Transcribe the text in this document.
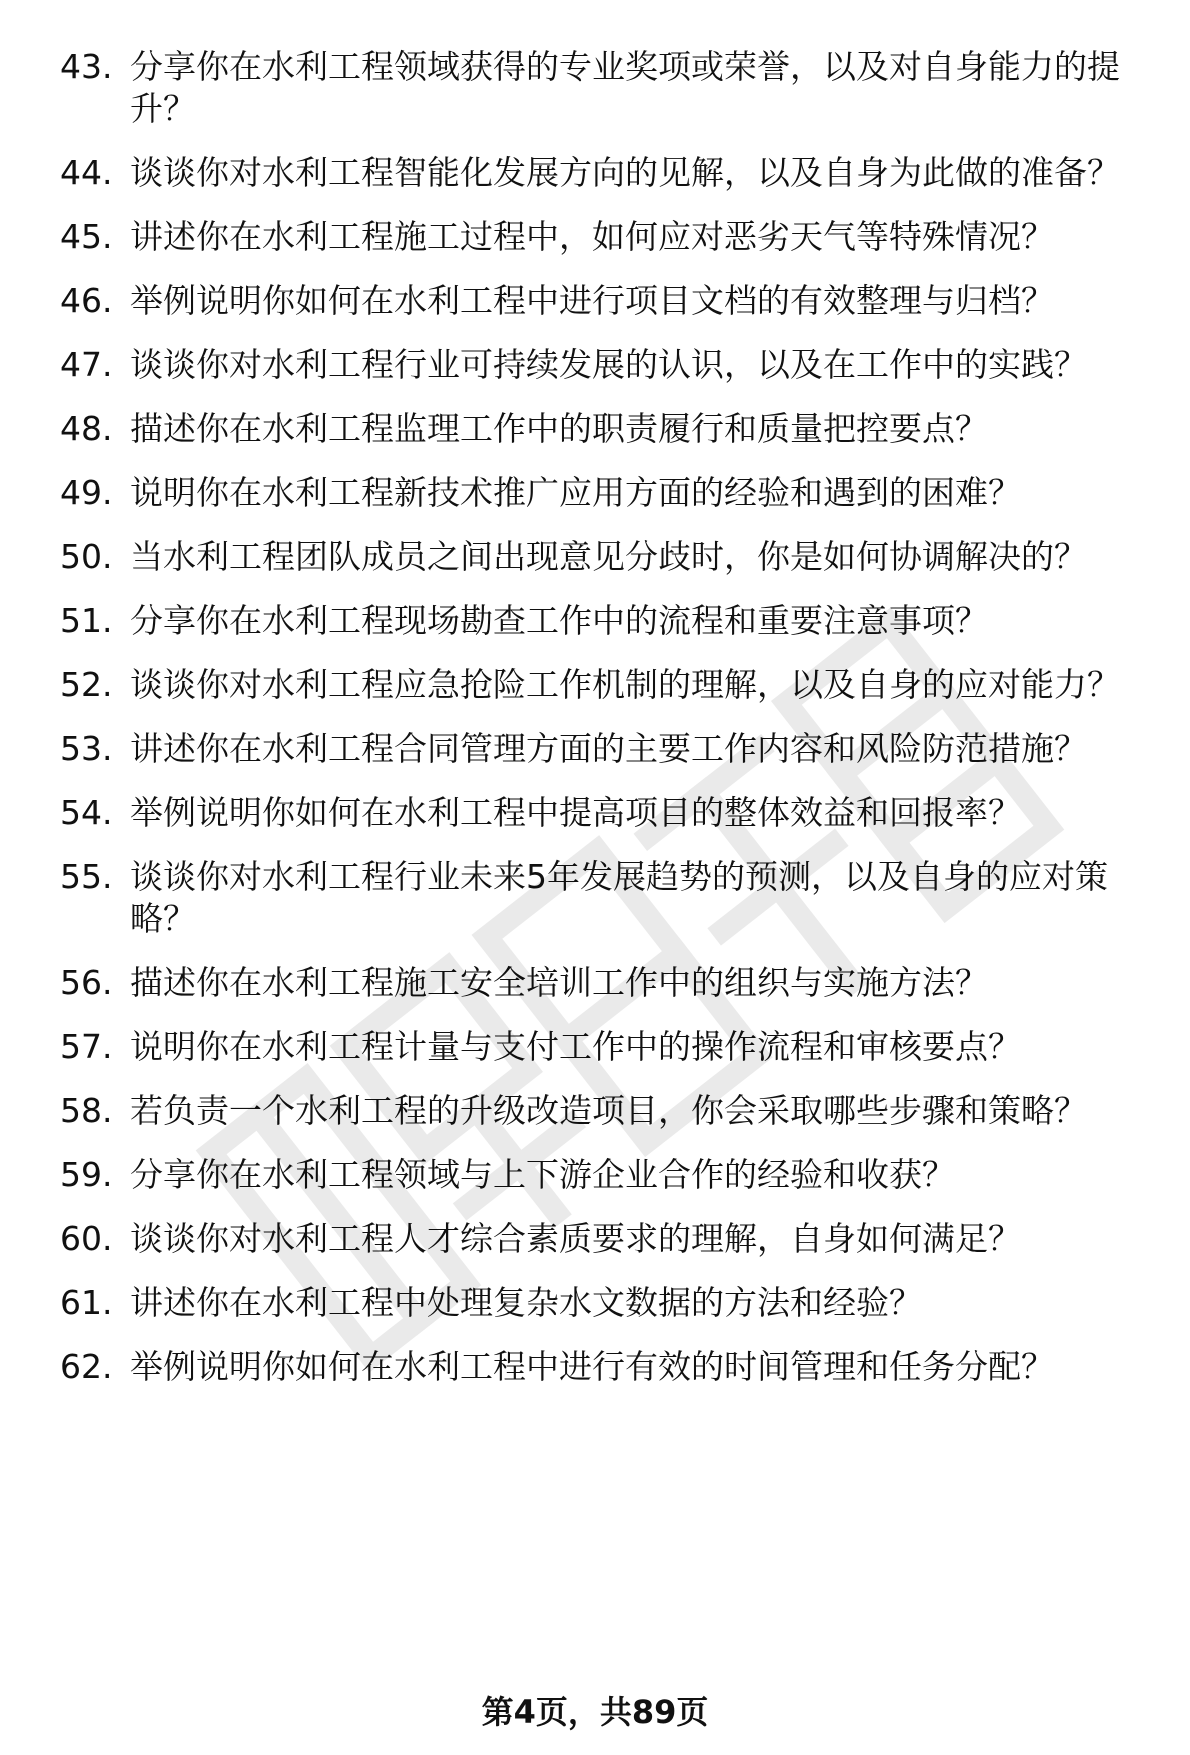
43. 分享你在水利工程领域获得的专业奖项或荣誉，以及对自身能力的提升？
44. 谈谈你对水利工程智能化发展方向的见解，以及自身为此做的准备？
45. 讲述你在水利工程施工过程中，如何应对恶劣天气等特殊情况？
46. 举例说明你如何在水利工程中进行项目文档的有效整理与归档？
47. 谈谈你对水利工程行业可持续发展的认识，以及在工作中的实践？
48. 描述你在水利工程监理工作中的职责履行和质量把控要点？
49. 说明你在水利工程新技术推广应用方面的经验和遇到的困难？
50. 当水利工程团队成员之间出现意见分歧时，你是如何协调解决的？
51. 分享你在水利工程现场勘查工作中的流程和重要注意事项？
52. 谈谈你对水利工程应急抢险工作机制的理解，以及自身的应对能力？
53. 讲述你在水利工程合同管理方面的主要工作内容和风险防范措施？
54. 举例说明你如何在水利工程中提高项目的整体效益和回报率？
55. 谈谈你对水利工程行业未来5年发展趋势的预测，以及自身的应对策略？
56. 描述你在水利工程施工安全培训工作中的组织与实施方法？
57. 说明你在水利工程计量与支付工作中的操作流程和审核要点？
58. 若负责一个水利工程的升级改造项目，你会采取哪些步骤和策略？
59. 分享你在水利工程领域与上下游企业合作的经验和收获？
60. 谈谈你对水利工程人才综合素质要求的理解，自身如何满足？
61. 讲述你在水利工程中处理复杂水文数据的方法和经验？
62. 举例说明你如何在水利工程中进行有效的时间管理和任务分配？
第4页，共89页
